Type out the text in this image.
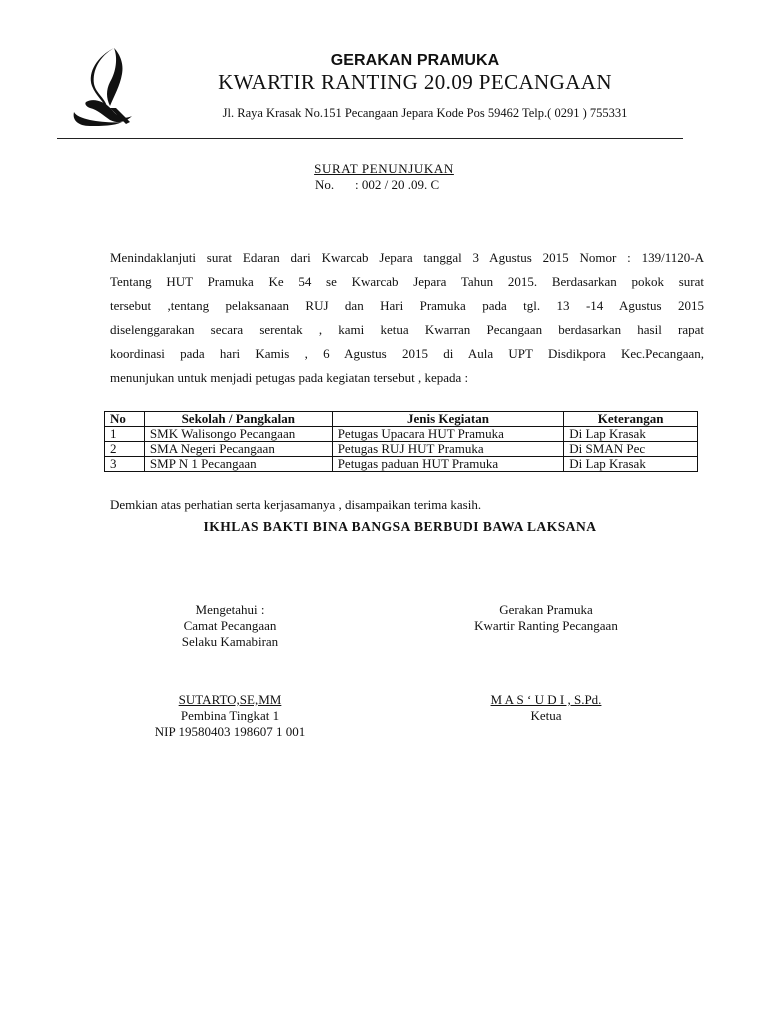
GERAKAN PRAMUKA
KWARTIR RANTING 20.09 PECANGAAN
Jl. Raya Krasak No.151 Pecangaan Jepara Kode Pos 59462 Telp.( 0291 ) 755331
SURAT PENUNJUKAN
No. : 002 / 20 .09. C
Menindaklanjuti surat Edaran dari Kwarcab Jepara tanggal 3 Agustus 2015 Nomor : 139/1120-A
Tentang HUT Pramuka Ke 54 se Kwarcab Jepara Tahun 2015. Berdasarkan pokok surat
tersebut ,tentang pelaksanaan RUJ dan Hari Pramuka pada tgl. 13 -14 Agustus 2015
diselenggarakan secara serentak , kami ketua Kwarran Pecangaan berdasarkan hasil rapat
koordinasi pada hari Kamis , 6 Agustus 2015 di Aula UPT Disdikpora Kec.Pecangaan,
menunjukan untuk menjadi petugas pada kegiatan tersebut , kepada :
No	Sekolah / Pangkalan	Jenis Kegiatan	Keterangan
1	SMK Walisongo Pecangaan	Petugas Upacara HUT Pramuka	Di Lap Krasak
2	SMA Negeri Pecangaan	Petugas RUJ HUT Pramuka	Di SMAN Pec
3	SMP N 1 Pecangaan	Petugas paduan HUT Pramuka	Di Lap Krasak
Demkian atas perhatian serta kerjasamanya , disampaikan terima kasih.
IKHLAS BAKTI BINA BANGSA BERBUDI BAWA LAKSANA
Mengetahui :
Camat Pecangaan
Selaku Kamabiran
SUTARTO,SE,MM
Pembina Tingkat 1
NIP 19580403 198607 1 001
Gerakan Pramuka
Kwartir Ranting Pecangaan
M A S ‘ U D I , S.Pd.
Ketua
